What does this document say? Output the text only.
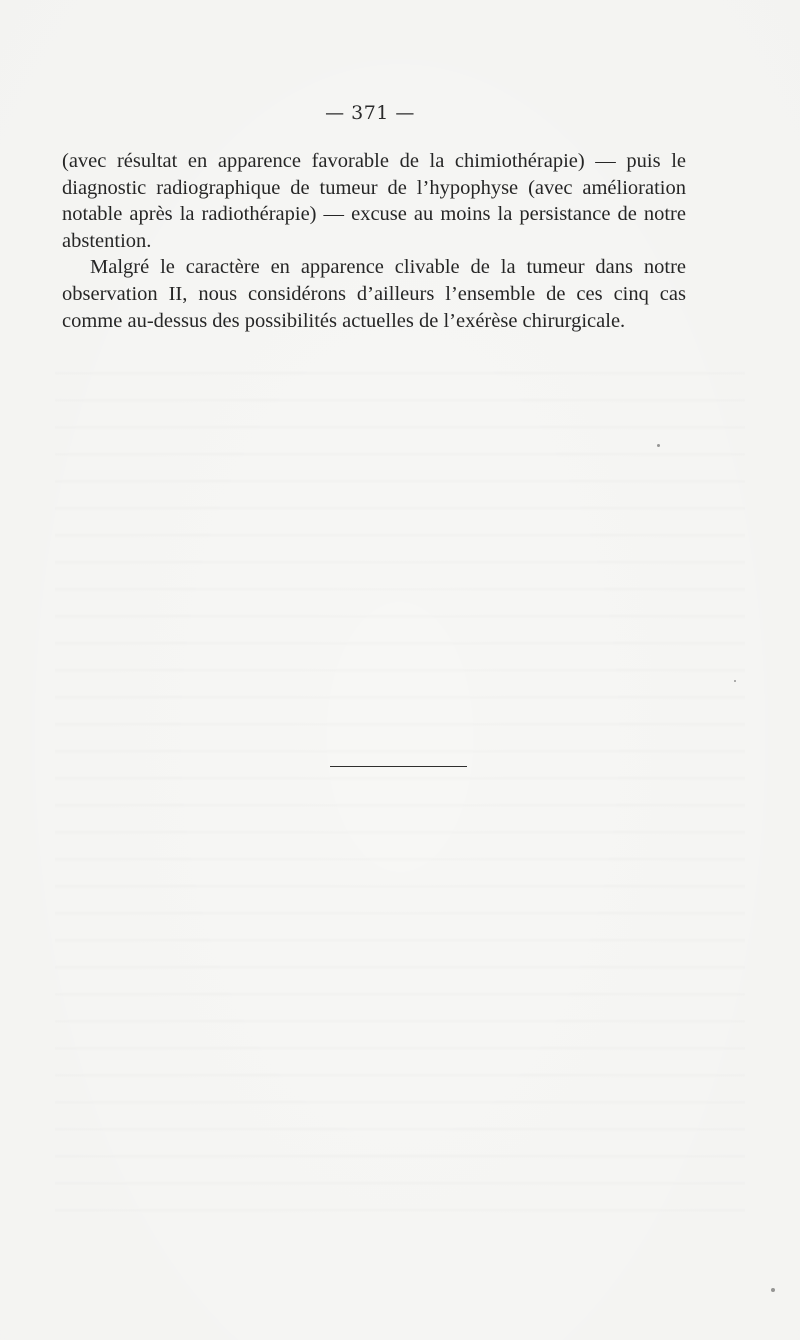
— 371 —

(avec résultat en apparence favorable de la chimiothérapie) — puis le diagnostic radiographique de tumeur de l’hypophyse (avec amélioration notable après la radiothérapie) — excuse au moins la persistance de notre abstention.

Malgré le caractère en apparence clivable de la tumeur dans notre observation II, nous considérons d’ailleurs l’ensemble de ces cinq cas comme au-dessus des possibilités actuelles de l’exérèse chirurgicale.
